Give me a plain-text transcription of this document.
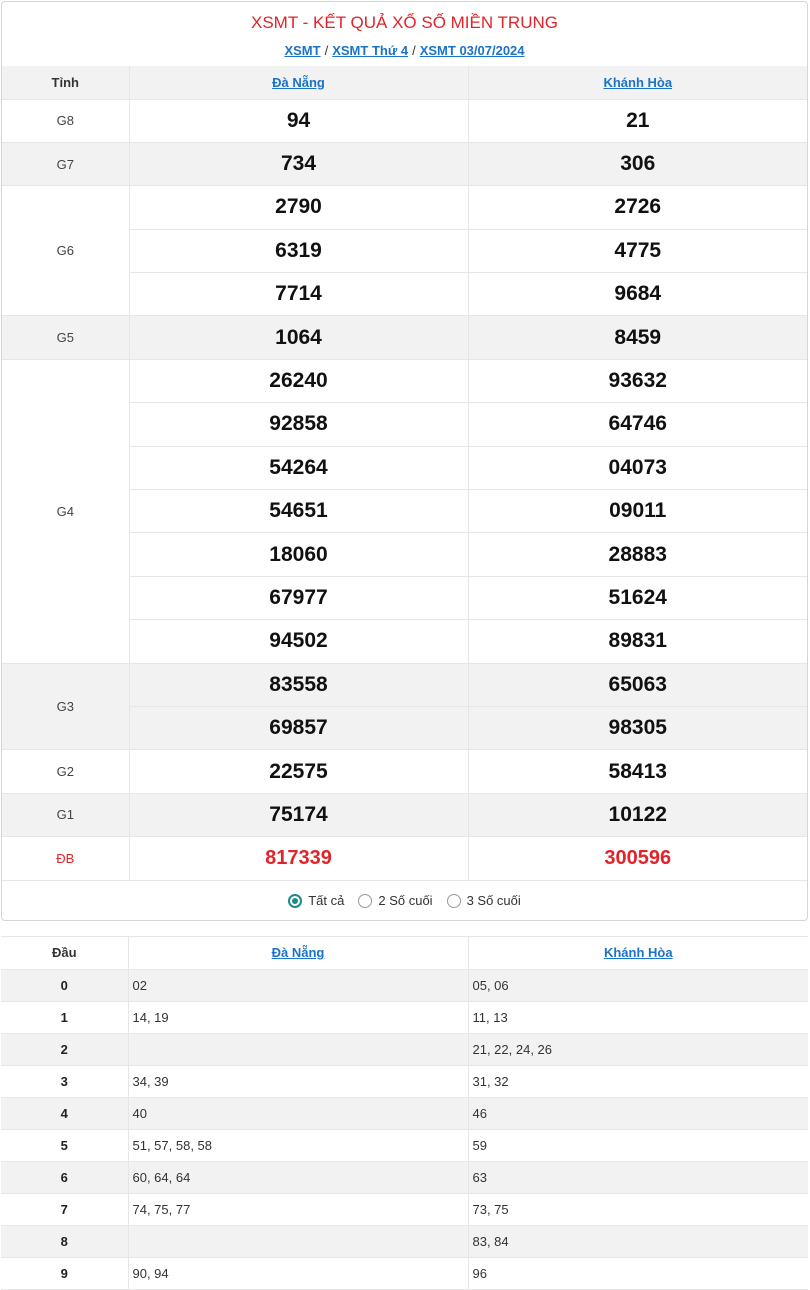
XSMT - KẾT QUẢ XỔ SỐ MIỀN TRUNG
XSMT / XSMT Thứ 4 / XSMT 03/07/2024
Tỉnh	Đà Nẵng	Khánh Hòa
G8	94	21
G7	734	306
G6	2790	2726
	6319	4775
	7714	9684
G5	1064	8459
G4	26240	93632
	92858	64746
	54264	04073
	54651	09011
	18060	28883
	67977	51624
	94502	89831
G3	83558	65063
	69857	98305
G2	22575	58413
G1	75174	10122
ĐB	817339	300596
Tất cả	2 Số cuối	3 Số cuối
Đầu	Đà Nẵng	Khánh Hòa
0	02	05, 06
1	14, 19	11, 13
2		21, 22, 24, 26
3	34, 39	31, 32
4	40	46
5	51, 57, 58, 58	59
6	60, 64, 64	63
7	74, 75, 77	73, 75
8		83, 84
9	90, 94	96
